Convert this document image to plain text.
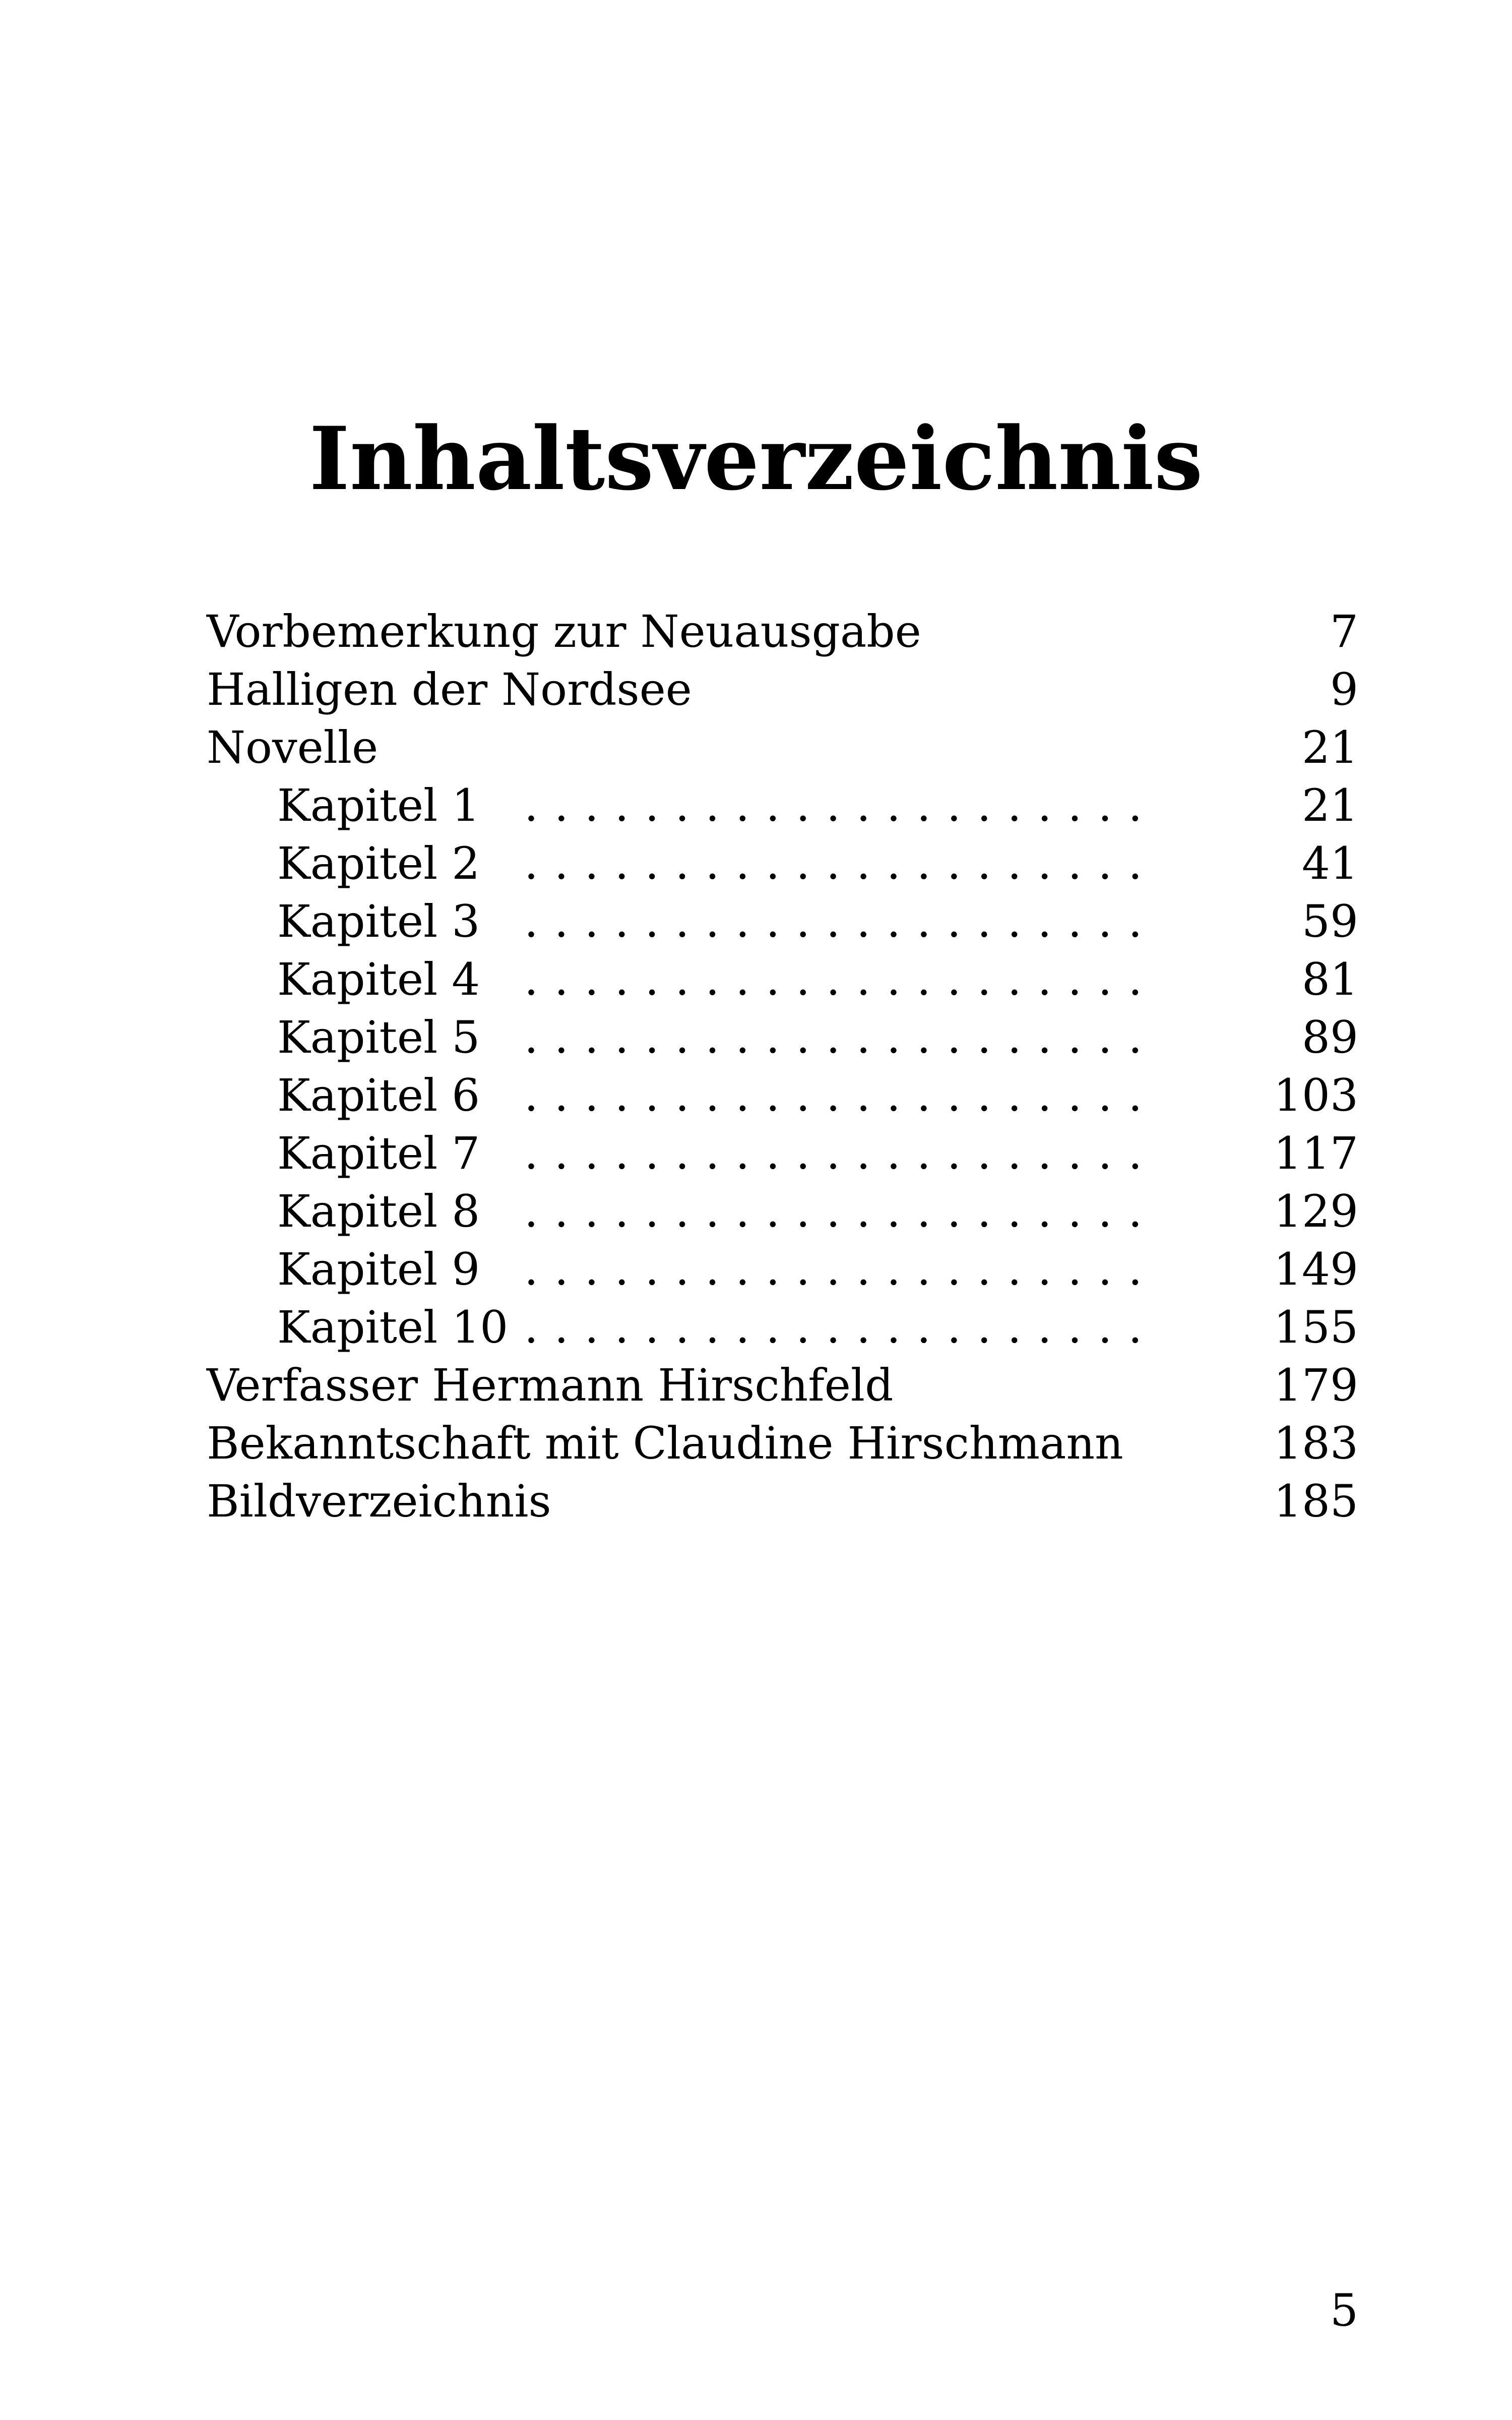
Inhaltsverzeichnis
Vorbemerkung zur Neuausgabe	7
Halligen der Nordsee	9
Novelle	21
Kapitel 1 .  .	21
Kapitel 2 .  .	41
Kapitel 3 .  .	59
Kapitel 4 .  .	81
Kapitel 5 .  .	89
Kapitel 6 .  .	103
Kapitel 7 .  .	117
Kapitel 8 .  .	129
Kapitel 9 .  .	149
Kapitel 10 .  .	155
Verfasser Hermann Hirschfeld	179
Bekanntschaft mit Claudine Hirschmann	183
Bildverzeichnis	185
5
